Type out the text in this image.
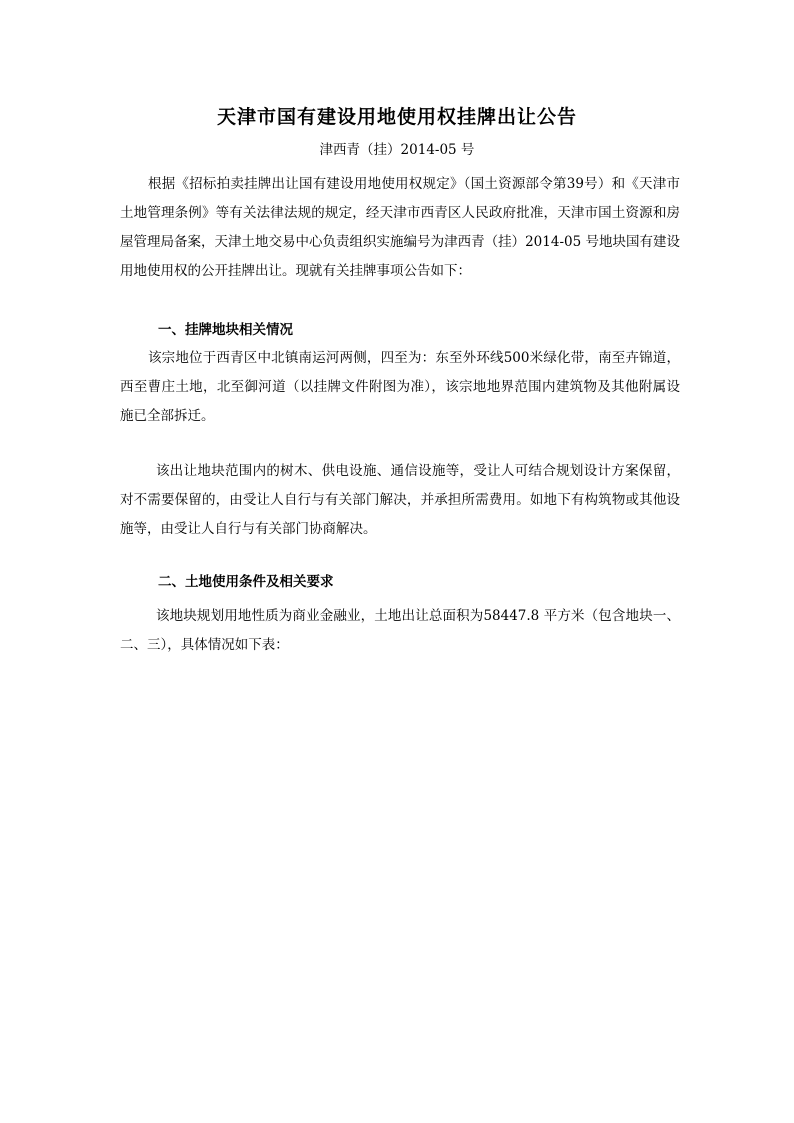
天津市国有建设用地使用权挂牌出让公告
津西青（挂）2014-05 号

根据《招标拍卖挂牌出让国有建设用地使用权规定》（国土资源部令第39号）和《天津市土地管理条例》等有关法律法规的规定，经天津市西青区人民政府批准，天津市国土资源和房屋管理局备案，天津土地交易中心负责组织实施编号为津西青（挂）2014-05 号地块国有建设用地使用权的公开挂牌出让。现就有关挂牌事项公告如下：

一、挂牌地块相关情况

该宗地位于西青区中北镇南运河两侧，四至为：东至外环线500米绿化带，南至卉锦道，西至曹庄土地，北至御河道（以挂牌文件附图为准），该宗地地界范围内建筑物及其他附属设施已全部拆迁。

该出让地块范围内的树木、供电设施、通信设施等，受让人可结合规划设计方案保留，对不需要保留的，由受让人自行与有关部门解决，并承担所需费用。如地下有构筑物或其他设施等，由受让人自行与有关部门协商解决。

二、土地使用条件及相关要求

该地块规划用地性质为商业金融业，土地出让总面积为58447.8 平方米（包含地块一、二、三），具体情况如下表：
